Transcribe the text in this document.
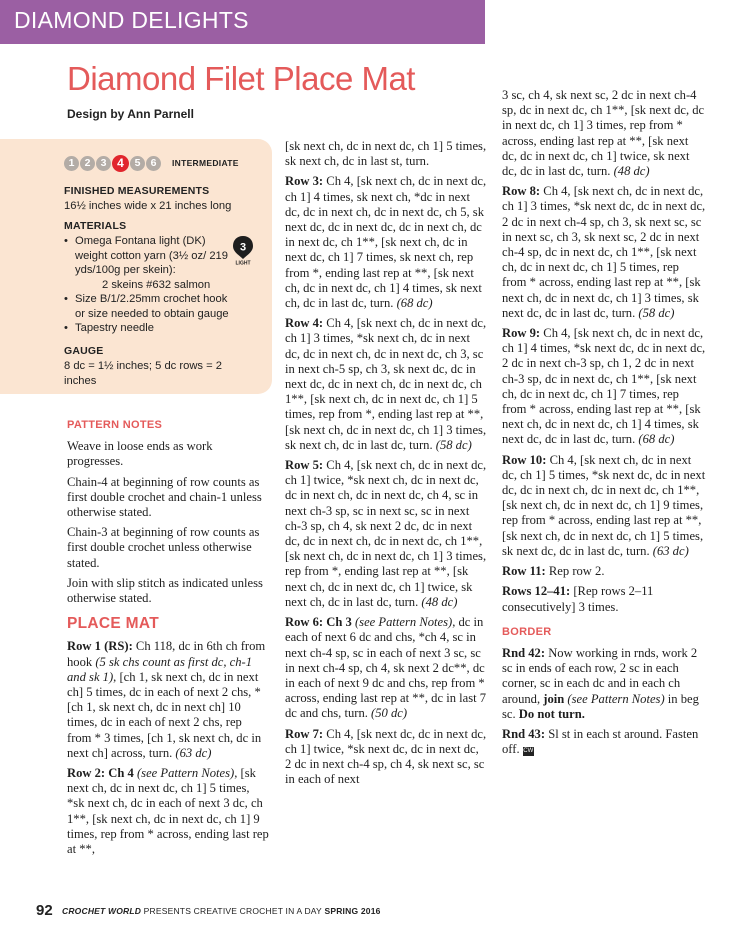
DIAMOND DELIGHTS
Diamond Filet Place Mat
Design by Ann Parnell
1 2 3 4	5 6	INTERMEDIATE
FINISHED MEASUREMENTS
16½ inches wide x 21 inches long
MATERIALS
• Omega Fontana light (DK) weight cotton yarn (3½ oz/ 219 yds/100g per skein):
2 skeins #632 salmon
• Size B/1/2.25mm crochet hook or size needed to obtain gauge
• Tapestry needle
3
LIGHT
GAUGE
8 dc = 1½ inches; 5 dc rows = 2 inches

PATTERN NOTES

Weave in loose ends as work progresses.

Chain-4 at beginning of row counts as first double crochet and chain-1 unless otherwise stated.

Chain-3 at beginning of row counts as first double crochet unless otherwise stated.

Join with slip stitch as indicated unless otherwise stated.

PLACE MAT

Row 1 (RS): Ch 118, dc in 6th ch from hook (5 sk chs count as first dc, ch-1 and sk 1), [ch 1, sk next ch, dc in next ch] 5 times, dc in each of next 2 chs, *[ch 1, sk next ch, dc in next ch] 10 times, dc in each of next 2 chs, rep from * 3 times, [ch 1, sk next ch, dc in next ch] across, turn. (63 dc)

Row 2: Ch 4 (see Pattern Notes), [sk next ch, dc in next dc, ch 1] 5 times, *sk next ch, dc in each of next 3 dc, ch 1**, [sk next ch, dc in next dc, ch 1] 9 times, rep from * across, ending last rep at **,

[sk next ch, dc in next dc, ch 1] 5 times, sk next ch, dc in last st, turn.

Row 3: Ch 4, [sk next ch, dc in next dc, ch 1] 4 times, sk next ch, *dc in next dc, dc in next ch, dc in next dc, ch 5, sk next dc, dc in next dc, dc in next ch, dc in next dc, ch 1**, [sk next ch, dc in next dc, ch 1] 7 times, sk next ch, rep from *, ending last rep at **, [sk next ch, dc in next dc, ch 1] 4 times, sk next ch, dc in last dc, turn. (68 dc)

Row 4: Ch 4, [sk next ch, dc in next dc, ch 1] 3 times, *sk next ch, dc in next dc, dc in next ch, dc in next dc, ch 3, sc in next ch-5 sp, ch 3, sk next dc, dc in next dc, dc in next ch, dc in next dc, ch 1**, [sk next ch, dc in next dc, ch 1] 5 times, rep from *, ending last rep at **, [sk next ch, dc in next dc, ch 1] 3 times, sk next ch, dc in last dc, turn. (58 dc)

Row 5: Ch 4, [sk next ch, dc in next dc, ch 1] twice, *sk next ch, dc in next dc, dc in next ch, dc in next dc, ch 4, sc in next ch-3 sp, sc in next sc, sc in next ch-3 sp, ch 4, sk next 2 dc, dc in next dc, dc in next ch, dc in next dc, ch 1**, [sk next ch, dc in next dc, ch 1] 3 times, rep from *, ending last rep at **, [sk next ch, dc in next dc, ch 1] twice, sk next ch, dc in last dc, turn. (48 dc)

Row 6: Ch 3 (see Pattern Notes), dc in each of next 6 dc and chs, *ch 4, sc in next ch-4 sp, sc in each of next 3 sc, sc in next ch-4 sp, ch 4, sk next 2 dc**, dc in each of next 9 dc and chs, rep from * across, ending last rep at **, dc in last 7 dc and chs, turn. (50 dc)

Row 7: Ch 4, [sk next dc, dc in next dc, ch 1] twice, *sk next dc, dc in next dc, 2 dc in next ch-4 sp, ch 4, sk next sc, sc in each of next

3 sc, ch 4, sk next sc, 2 dc in next ch-4 sp, dc in next dc, ch 1**, [sk next dc, dc in next dc, ch 1] 3 times, rep from * across, ending last rep at **, [sk next dc, dc in next dc, ch 1] twice, sk next dc, dc in last dc, turn. (48 dc)

Row 8: Ch 4, [sk next ch, dc in next dc, ch 1] 3 times, *sk next dc, dc in next dc, 2 dc in next ch-4 sp, ch 3, sk next sc, sc in next sc, ch 3, sk next sc, 2 dc in next ch-4 sp, dc in next dc, ch 1**, [sk next ch, dc in next dc, ch 1] 5 times, rep from * across, ending last rep at **, [sk next ch, dc in next dc, ch 1] 3 times, sk next dc, dc in last dc, turn. (58 dc)

Row 9: Ch 4, [sk next ch, dc in next dc, ch 1] 4 times, *sk next dc, dc in next dc, 2 dc in next ch-3 sp, ch 1, 2 dc in next ch-3 sp, dc in next dc, ch 1**, [sk next ch, dc in next dc, ch 1] 7 times, rep from * across, ending last rep at **, [sk next ch, dc in next dc, ch 1] 4 times, sk next dc, dc in last dc, turn. (68 dc)

Row 10: Ch 4, [sk next ch, dc in next dc, ch 1] 5 times, *sk next dc, dc in next dc, dc in next ch, dc in next dc, ch 1**, [sk next ch, dc in next dc, ch 1] 9 times, rep from * across, ending last rep at **, [sk next ch, dc in next dc, ch 1] 5 times, sk next dc, dc in last dc, turn. (63 dc)

Row 11: Rep row 2.

Rows 12–41: [Rep rows 2–11 consecutively] 3 times.

BORDER

Rnd 42: Now working in rnds, work 2 sc in ends of each row, 2 sc in each corner, sc in each dc and in each ch around, join (see Pattern Notes) in beg sc. Do not turn.

Rnd 43: Sl st in each st around. Fasten off. CW

92 CROCHET WORLD PRESENTS CREATIVE CROCHET IN A DAY SPRING 2016
